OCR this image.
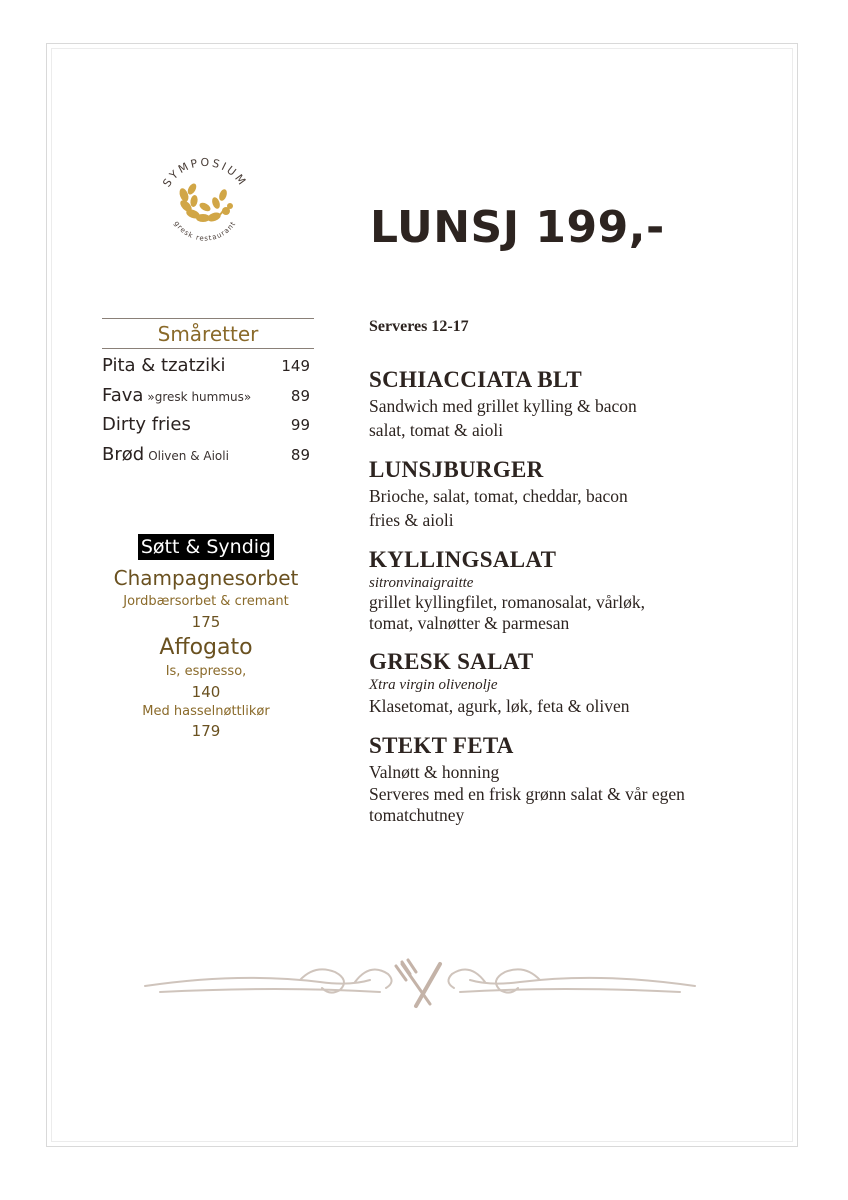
SYMPOSIUM
gresk restaurant	LUNSJ 199,-
Småretter
Pita & tzatziki	149
Fava »gresk hummus»	89
Dirty fries	99
Brød Oliven & Aioli	89
Søtt & Syndig
Champagnesorbet
Jordbærsorbet & cremant
175
Affogato
Is, espresso,
140
Med hasselnøttlikør
179
Serveres 12-17
SCHIACCIATA BLT
Sandwich med grillet kylling & bacon
salat, tomat & aioli
LUNSJBURGER
Brioche, salat, tomat, cheddar, bacon
fries & aioli
KYLLINGSALAT
sitronvinaigraitte
grillet kyllingfilet, romanosalat, vårløk,
tomat, valnøtter & parmesan
GRESK SALAT
Xtra virgin olivenolje
Klasetomat, agurk, løk, feta & oliven
STEKT FETA
Valnøtt & honning
Serveres med en frisk grønn salat & vår egen
tomatchutney
